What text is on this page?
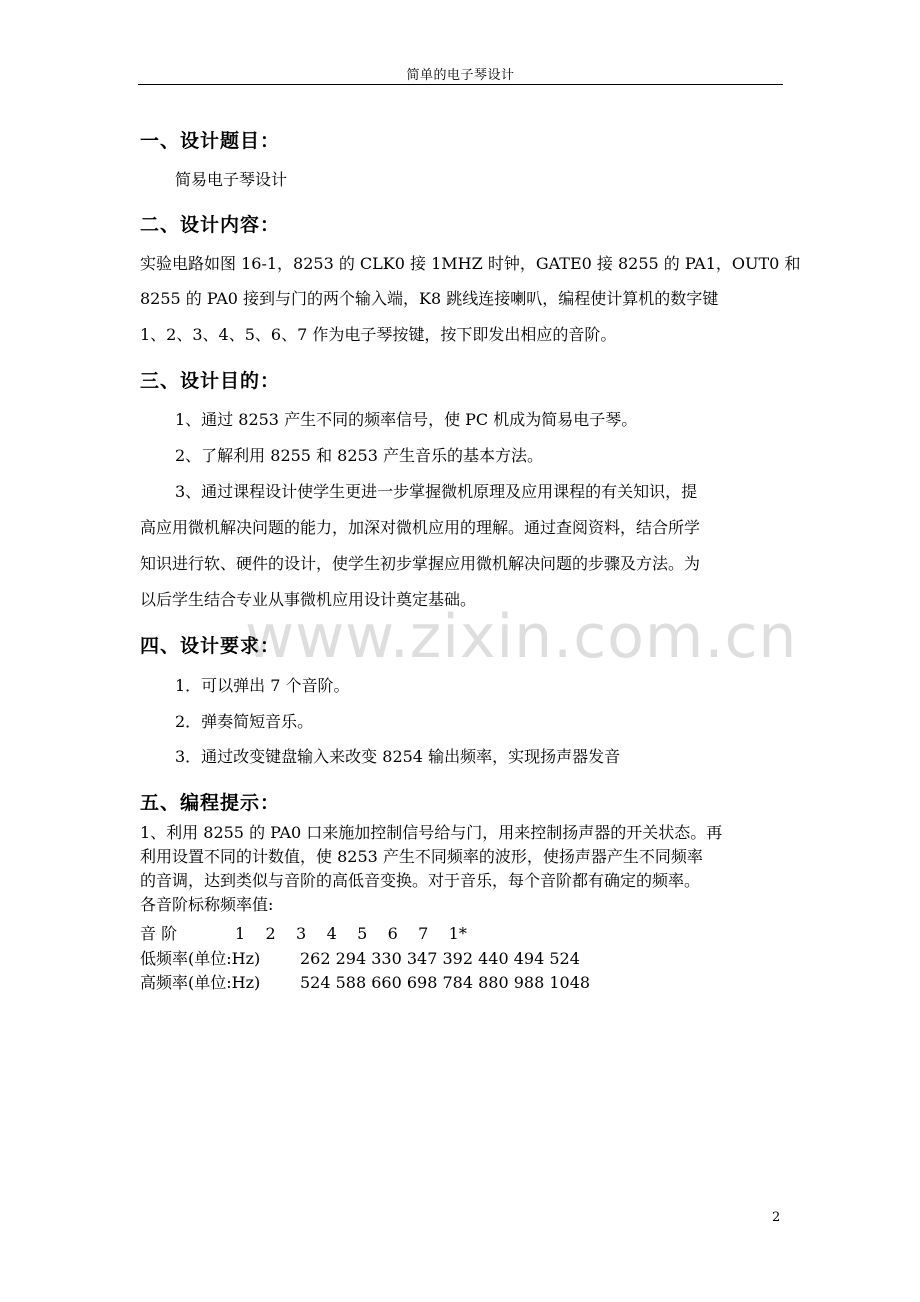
简单的电子琴设计
www.zixin.com.cn
一、设计题目：
简易电子琴设计
二、设计内容：
实验电路如图 16-1，8253 的 CLK0 接 1MHZ 时钟，GATE0 接 8255 的 PA1，OUT0 和
8255 的 PA0 接到与门的两个输入端，K8 跳线连接喇叭，编程使计算机的数字键
1、2、3、4、5、6、7 作为电子琴按键，按下即发出相应的音阶。
三、设计目的：
1、通过 8253 产生不同的频率信号，使 PC 机成为简易电子琴。
2、了解利用 8255 和 8253 产生音乐的基本方法。
3、通过课程设计使学生更进一步掌握微机原理及应用课程的有关知识，提
高应用微机解决问题的能力，加深对微机应用的理解。通过查阅资料，结合所学
知识进行软、硬件的设计，使学生初步掌握应用微机解决问题的步骤及方法。为
以后学生结合专业从事微机应用设计奠定基础。
四、设计要求：
1．可以弹出 7 个音阶。
2．弹奏简短音乐。
3．通过改变键盘输入来改变 8254 输出频率，实现扬声器发音
五、编程提示：
1、利用 8255 的 PA0 口来施加控制信号给与门，用来控制扬声器的开关状态。再
利用设置不同的计数值，使 8253 产生不同频率的波形，使扬声器产生不同频率
的音调，达到类似与音阶的高低音变换。对于音乐，每个音阶都有确定的频率。
各音阶标称频率值:
音 阶	1    2    3    4    5    6    7    1*
低频率(单位:Hz) 262 294 330 347 392 440 494 524
高频率(单位:Hz) 524 588 660 698 784 880 988 1048
2
